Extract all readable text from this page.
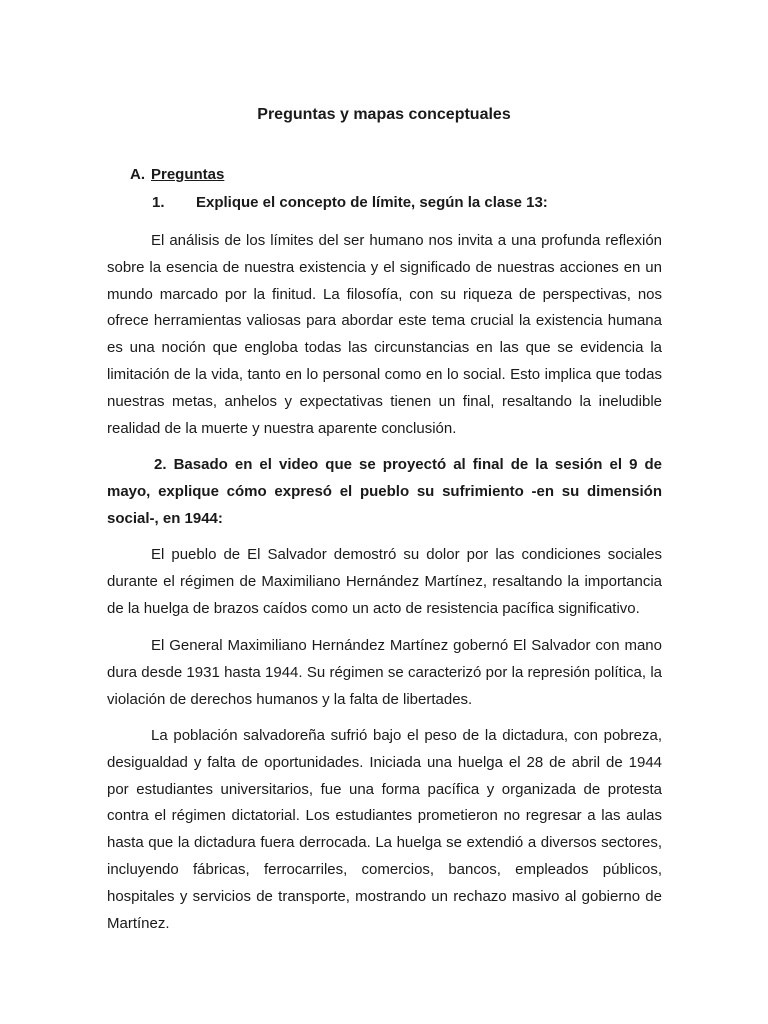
Preguntas y mapas conceptuales
A. Preguntas
1. Explique el concepto de límite, según la clase 13:

El análisis de los límites del ser humano nos invita a una profunda reflexión sobre la esencia de nuestra existencia y el significado de nuestras acciones en un mundo marcado por la finitud. La filosofía, con su riqueza de perspectivas, nos ofrece herramientas valiosas para abordar este tema crucial la existencia humana es una noción que engloba todas las circunstancias en las que se evidencia la limitación de la vida, tanto en lo personal como en lo social. Esto implica que todas nuestras metas, anhelos y expectativas tienen un final, resaltando la ineludible realidad de la muerte y nuestra aparente conclusión.

2. Basado en el video que se proyectó al final de la sesión el 9 de mayo, explique cómo expresó el pueblo su sufrimiento -en su dimensión social-, en 1944:

El pueblo de El Salvador demostró su dolor por las condiciones sociales durante el régimen de Maximiliano Hernández Martínez, resaltando la importancia de la huelga de brazos caídos como un acto de resistencia pacífica significativo.

El General Maximiliano Hernández Martínez gobernó El Salvador con mano dura desde 1931 hasta 1944. Su régimen se caracterizó por la represión política, la violación de derechos humanos y la falta de libertades.

La población salvadoreña sufrió bajo el peso de la dictadura, con pobreza, desigualdad y falta de oportunidades. Iniciada una huelga el 28 de abril de 1944 por estudiantes universitarios, fue una forma pacífica y organizada de protesta contra el régimen dictatorial. Los estudiantes prometieron no regresar a las aulas hasta que la dictadura fuera derrocada. La huelga se extendió a diversos sectores, incluyendo fábricas, ferrocarriles, comercios, bancos, empleados públicos, hospitales y servicios de transporte, mostrando un rechazo masivo al gobierno de Martínez.
